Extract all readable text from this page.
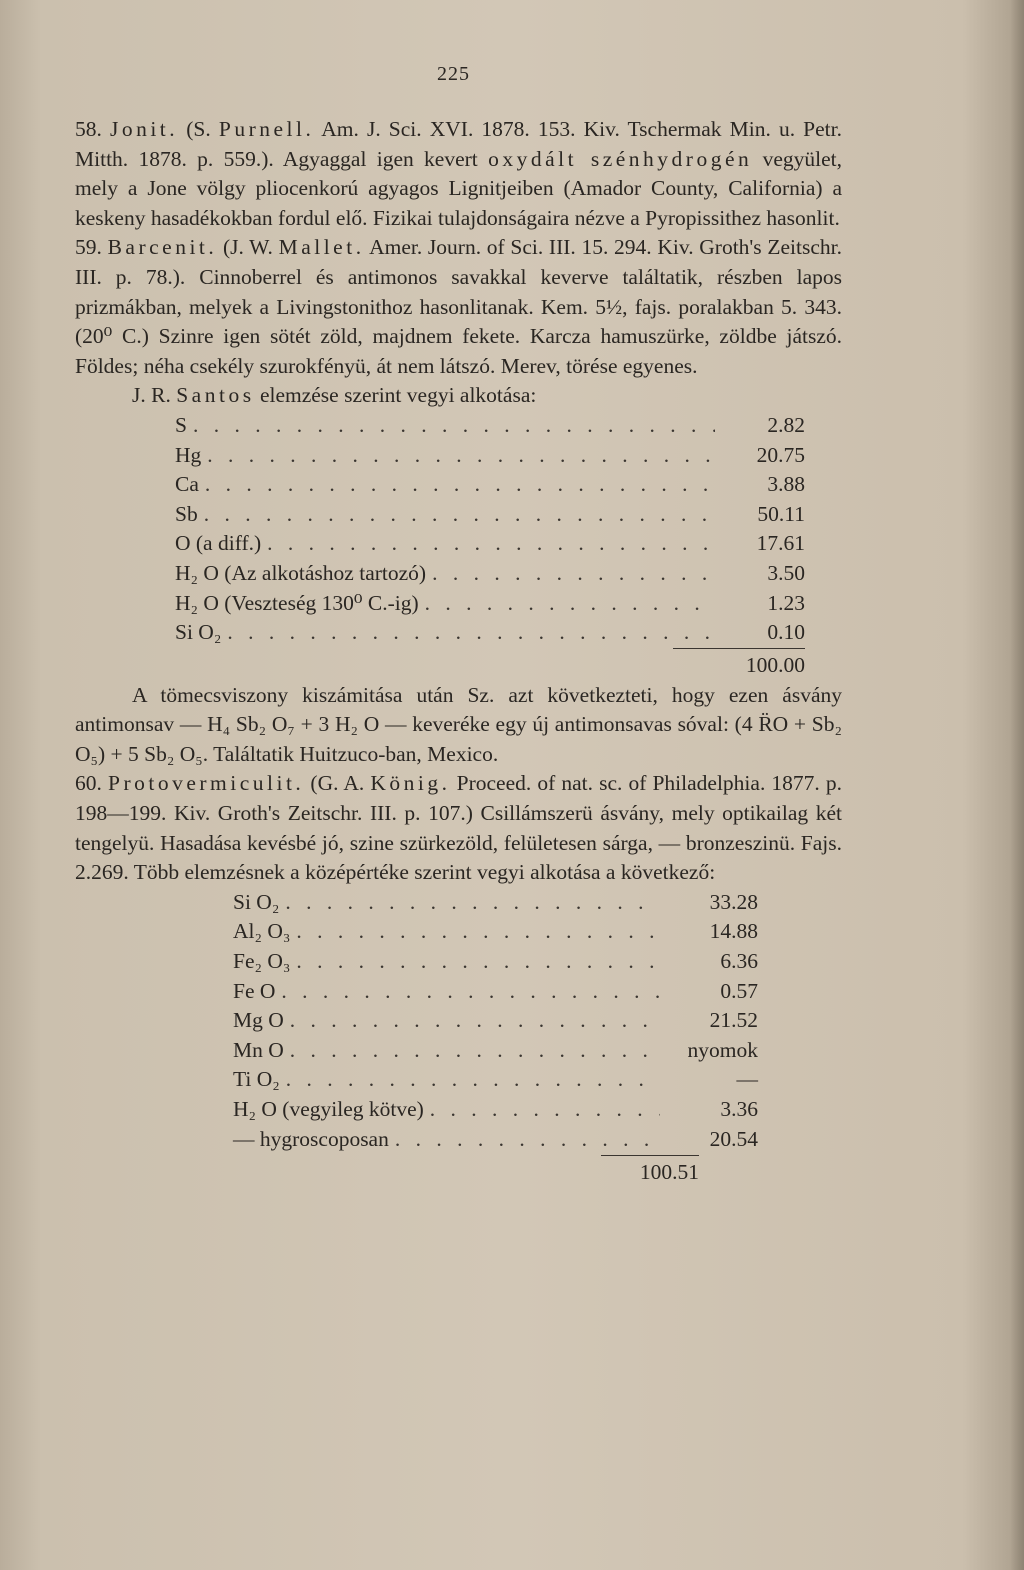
225

58. Jonit. (S. Purnell. Am. J. Sci. XVI. 1878. 153. Kiv. Tschermak Min. u. Petr. Mitth. 1878. p. 559.). Agyaggal igen kevert oxydált szénhydrogén vegyület, mely a Jone völgy pliocenkorú agyagos Lignitjeiben (Amador County, California) a keskeny hasadékokban fordul elő. Fizikai tulajdonságaira nézve a Pyropissithez hasonlit.

59. Barcenit. (J. W. Mallet. Amer. Journ. of Sci. III. 15. 294. Kiv. Groth's Zeitschr. III. p. 78.). Cinnoberrel és antimonos savakkal keverve találtatik, részben lapos prizmákban, melyek a Livingstonithoz hasonlitanak. Kem. 5½, fajs. poralakban 5. 343. (20⁰ C.) Szinre igen sötét zöld, majdnem fekete. Karcza hamuszürke, zöldbe játszó. Földes; néha csekély szurokfényü, át nem látszó. Merev, törése egyenes.

J. R. Santos elemzése szerint vegyi alkotása:

S . . .	2.82
Hg . . .	20.75
Ca . . .	3.88
Sb . . .	50.11
O (a diff.) . . .	17.61
H₂ O (Az alkotáshoz tartozó) . . .	3.50
H₂ O (Veszteség 130⁰ C.-ig) . . .	1.23
Si O₂ . . .	0.10
100.00

A tömecsviszony kiszámitása után Sz. azt következteti, hogy ezen ásvány antimonsav — H₄ Sb₂ O₇ + 3 H₂ O — keveréke egy új antimonsavas sóval: (4 R̈O + Sb₂ O₅) + 5 Sb₂ O₅. Találtatik Huitzuco-ban, Mexico.

60. Protovermiculit. (G. A. König. Proceed. of nat. sc. of Philadelphia. 1877. p. 198—199. Kiv. Groth's Zeitschr. III. p. 107.) Csillámszerü ásvány, mely optikailag két tengelyü. Hasadása kevésbé jó, szine szürkezöld, felületesen sárga, — bronzeszinü. Fajs. 2.269. Több elemzésnek a középértéke szerint vegyi alkotása a következő:

Si O₂ . . .	33.28
Al₂ O₃ . . .	14.88
Fe₂ O₃ . . .	6.36
Fe O . . .	0.57
Mg O . . .	21.52
Mn O . . .	nyomok
Ti O₂ . . .	—
H₂ O (vegyileg kötve) . . .	3.36
— hygroscoposan . . .	20.54
100.51
